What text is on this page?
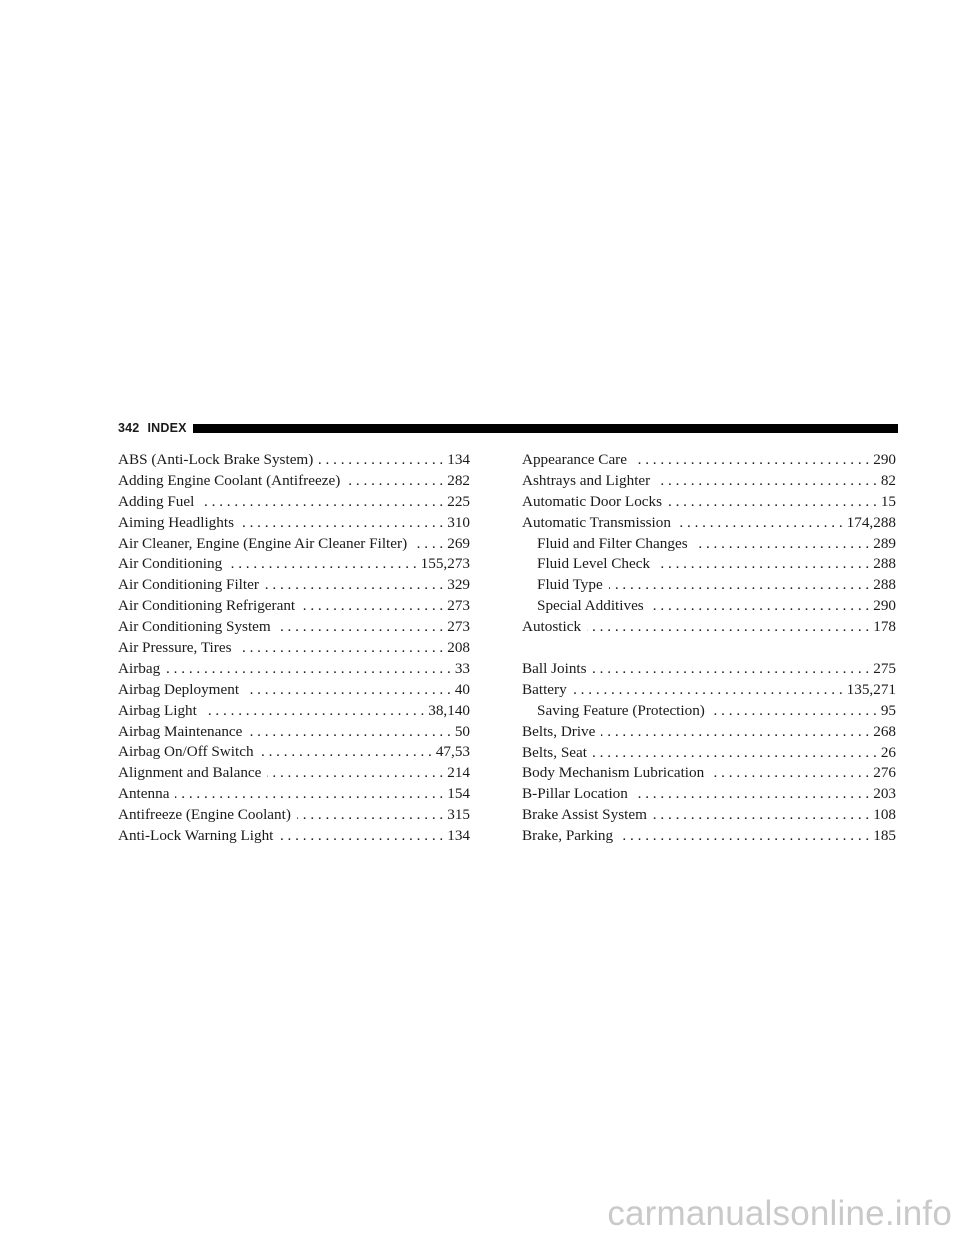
342 INDEX
ABS (Anti-Lock Brake System) . . .	134
Adding Engine Coolant (Antifreeze) . . .	282
Adding Fuel . . .	225
Aiming Headlights . . .	310
Air Cleaner, Engine (Engine Air Cleaner Filter) . . .	269
Air Conditioning . . .	155,273
Air Conditioning Filter . . .	329
Air Conditioning Refrigerant . . .	273
Air Conditioning System . . .	273
Air Pressure, Tires . . .	208
Airbag . . .	33
Airbag Deployment . . .	40
Airbag Light . . .	38,140
Airbag Maintenance . . .	50
Airbag On/Off Switch . . .	47,53
Alignment and Balance . . .	214
Antenna . . .	154
Antifreeze (Engine Coolant) . . .	315
Anti-Lock Warning Light . . .	134
Appearance Care . . .	290
Ashtrays and Lighter . . .	82
Automatic Door Locks . . .	15
Automatic Transmission . . .	174,288
Fluid and Filter Changes . . .	289
Fluid Level Check . . .	288
Fluid Type . . .	288
Special Additives . . .	290
Autostick . . .	178
Ball Joints . . .	275
Battery . . .	135,271
Saving Feature (Protection) . . .	95
Belts, Drive . . .	268
Belts, Seat . . .	26
Body Mechanism Lubrication . . .	276
B-Pillar Location . . .	203
Brake Assist System . . .	108
Brake, Parking . . .	185
carmanualsonline.info
